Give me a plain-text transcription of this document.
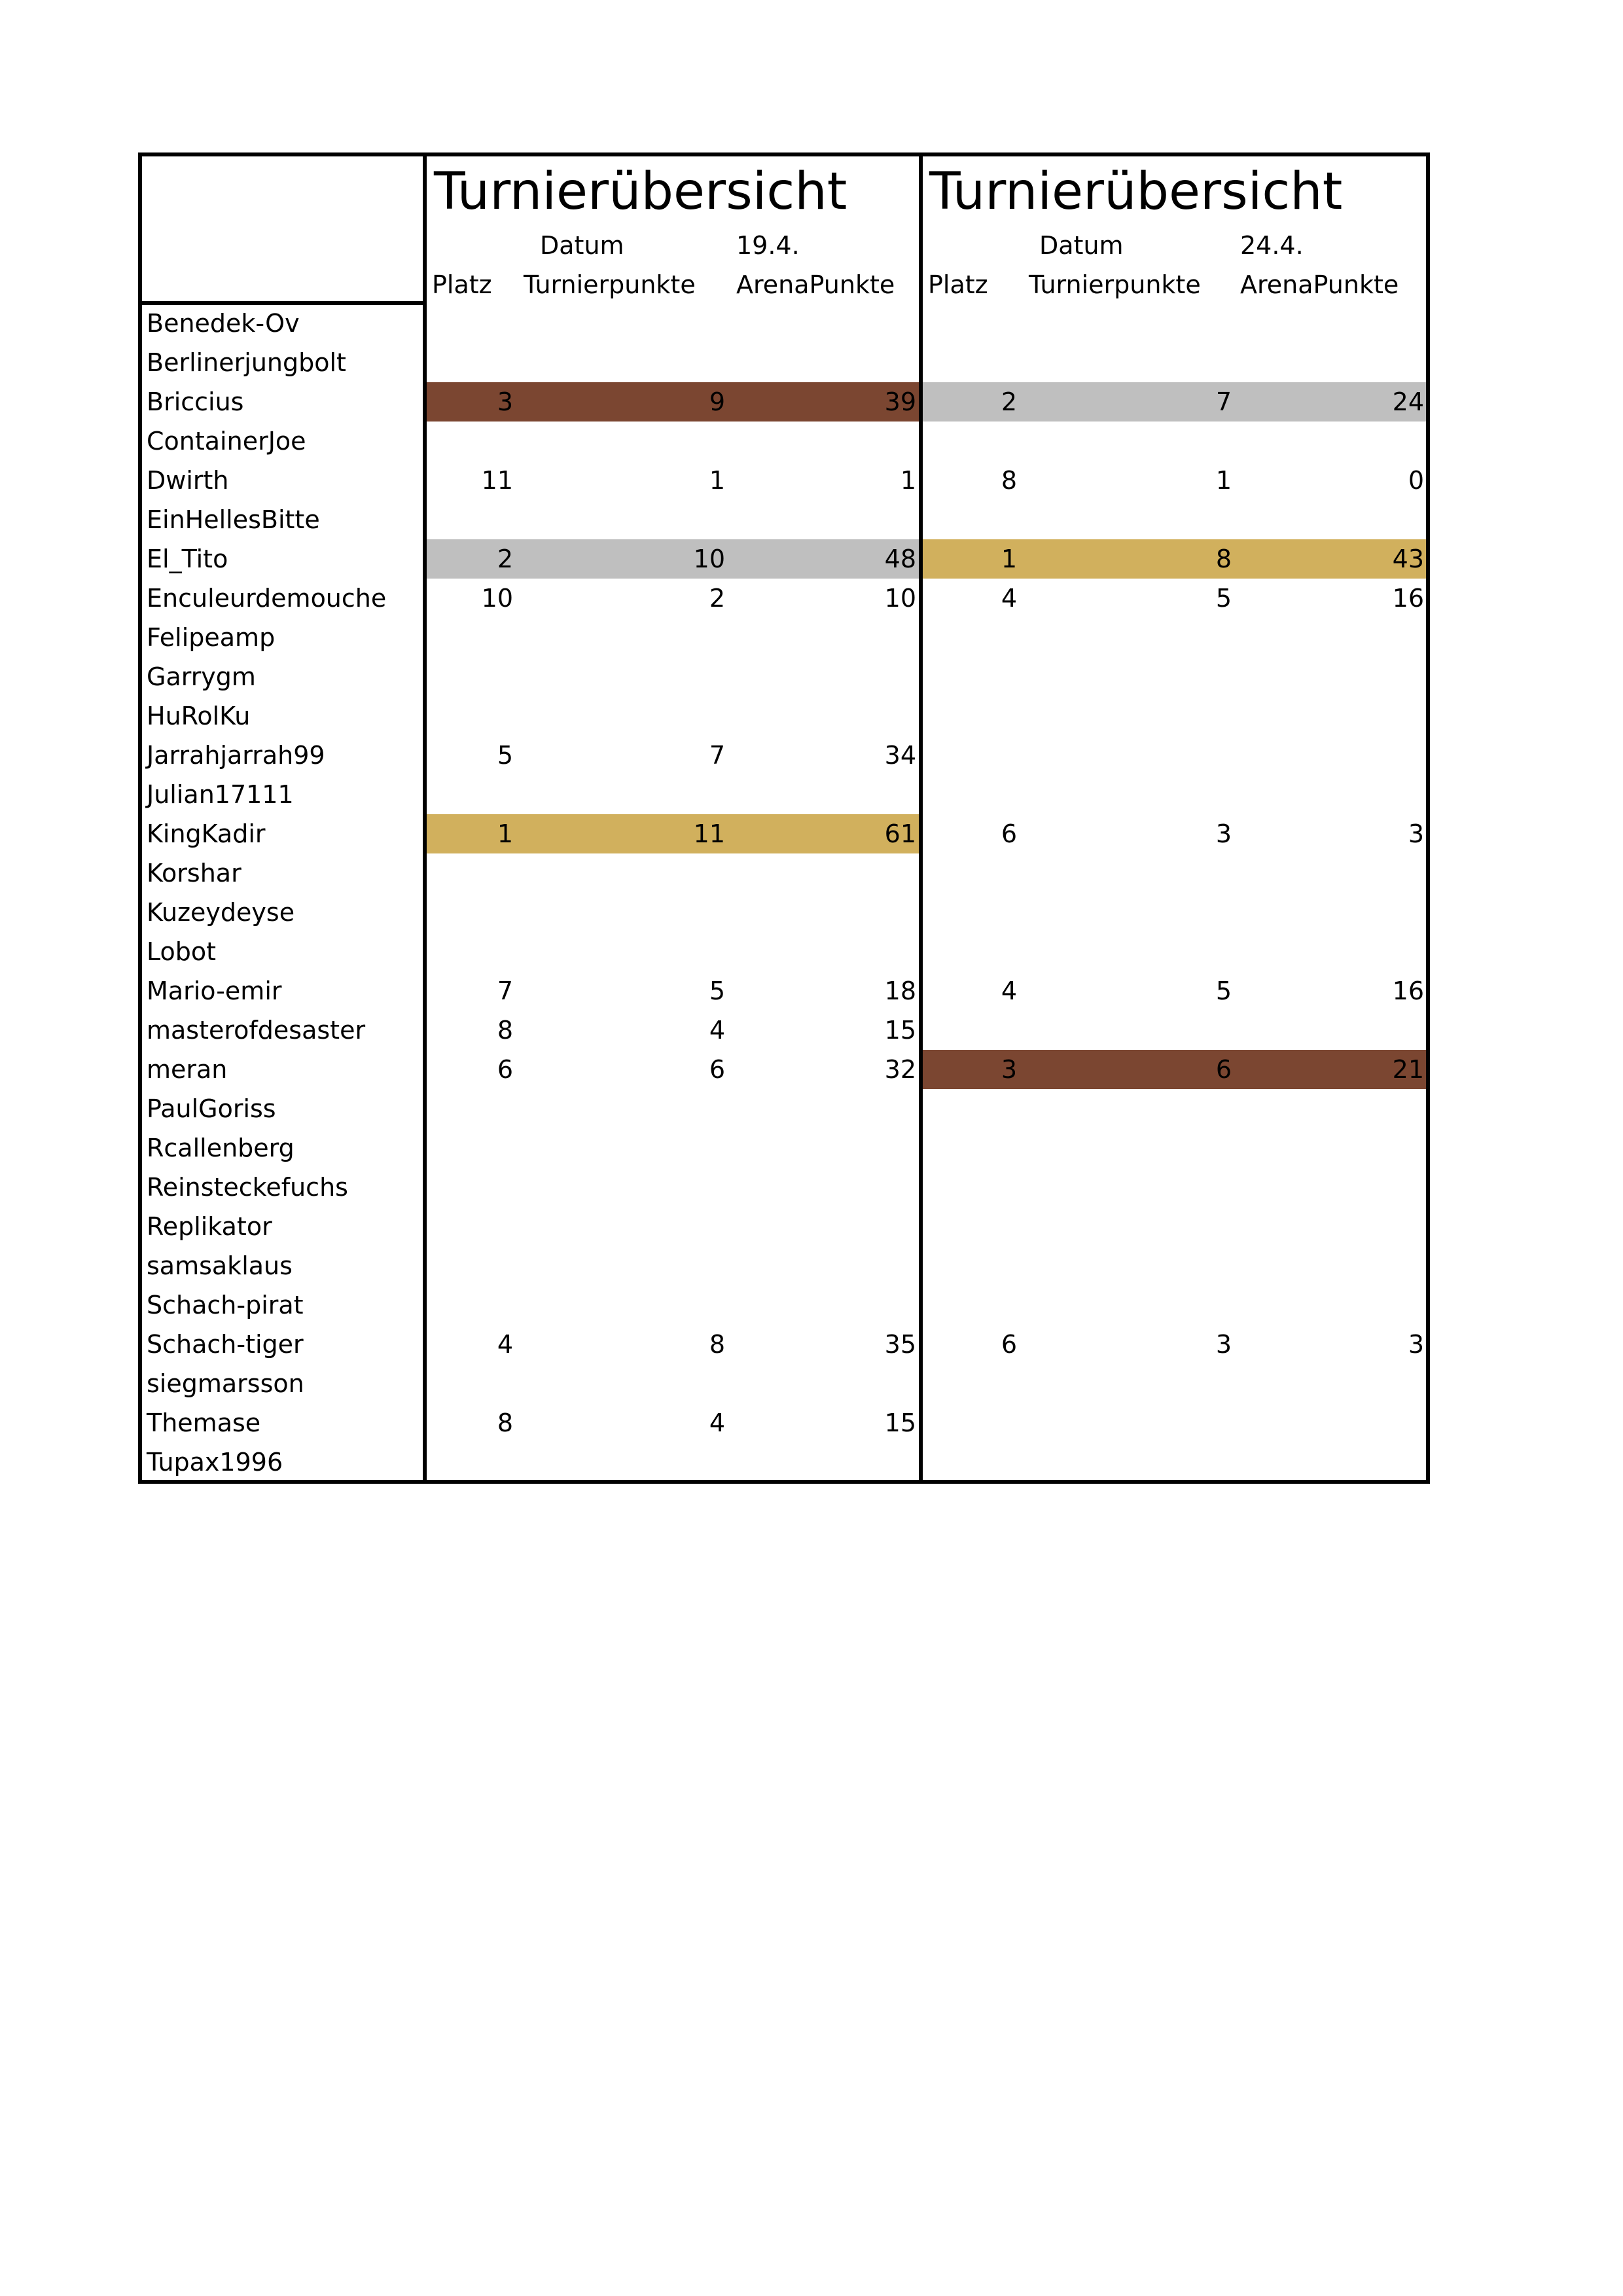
Turnierübersicht
Datum	19.4.
Platz Turnierpunkte ArenaPunkte
Turnierübersicht
Datum	24.4.
Platz Turnierpunkte ArenaPunkte
Benedek-Ov
Berlinerjungbolt
Briccius	3	9	39	2	7	24
ContainerJoe
Dwirth	11	1	1	8	1	0
EinHellesBitte
El_Tito	2	10	48	1	8	43
Enculeurdemouche	10	2	10	4	5	16
Felipeamp
Garrygm
HuRolKu
Jarrahjarrah99	5	7	34
Julian17111
KingKadir	1	11	61	6	3	3
Korshar
Kuzeydeyse
Lobot
Mario-emir	7	5	18	4	5	16
masterofdesaster	8	4	15
meran	6	6	32	3	6	21
PaulGoriss
Rcallenberg
Reinsteckefuchs
Replikator
samsaklaus
Schach-pirat
Schach-tiger	4	8	35	6	3	3
siegmarsson
Themase	8	4	15
Tupax1996
